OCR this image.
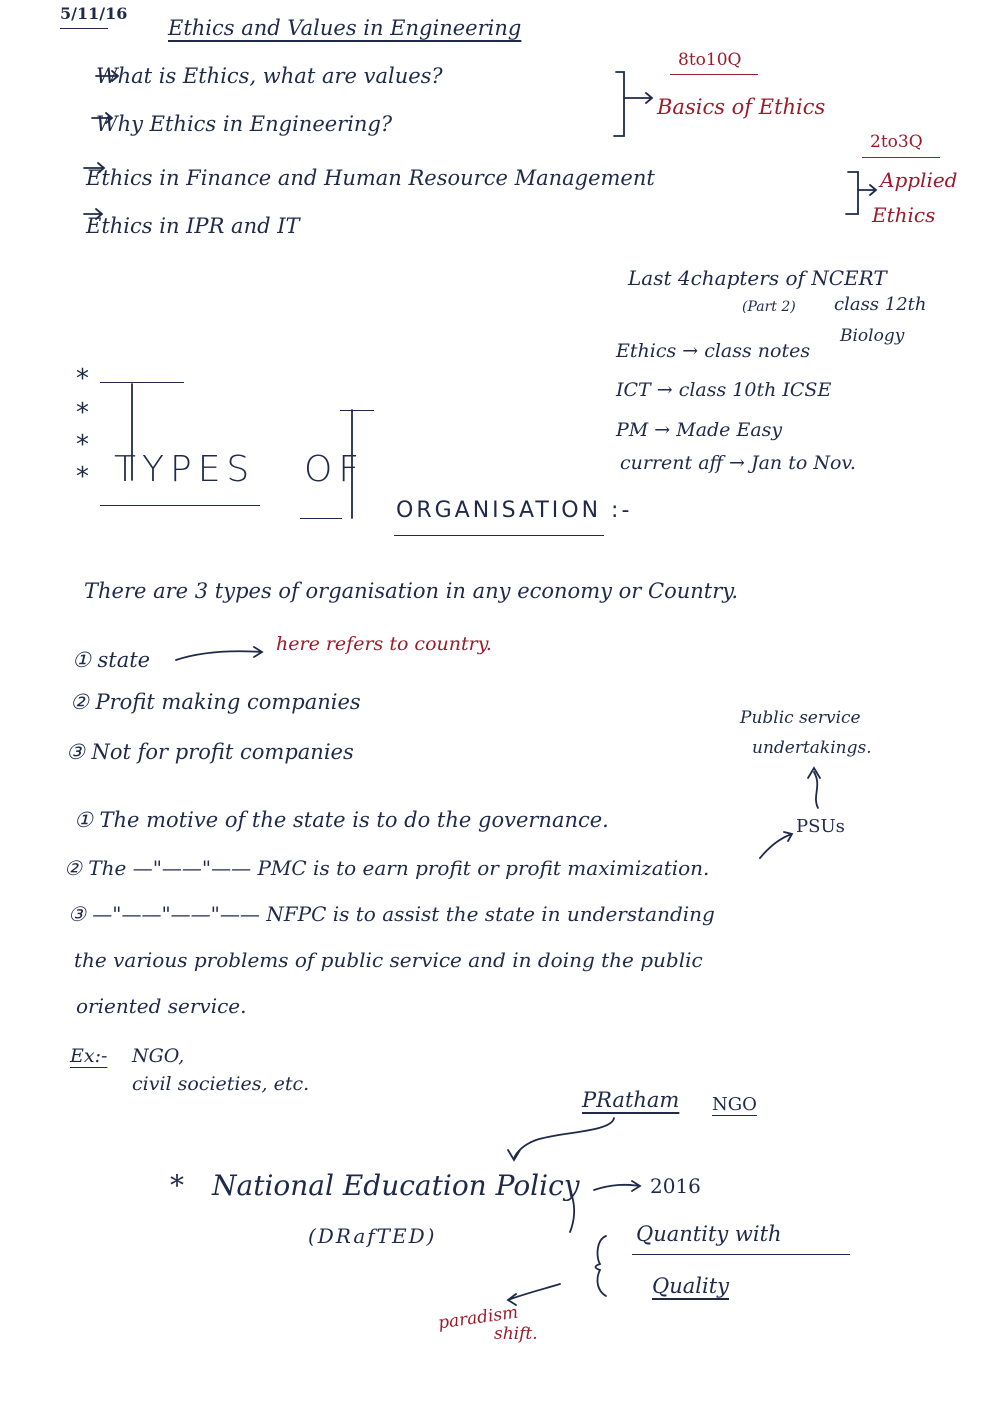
5/11/16
Ethics and Values in Engineering
What is Ethics, what are values?
Why Ethics in Engineering?
Ethics in Finance and Human Resource Management
Ethics in IPR and IT
8to10Q
Basics of Ethics
2to3Q
Applied
Ethics
Last 4chapters of NCERT
(Part 2) class 12th
Biology
Ethics → class notes
ICT → class 10th ICSE
PM → Made Easy
current aff → Jan to Nov.
*
*
*
* TYPES OF
ORGANISATION :-
There are 3 types of organisation in any economy or Country.
① state
here refers to country.
② Profit making companies
③ Not for profit companies
Public service
undertakings.
PSUs
① The motive of the state is to do the governance.
② The —"——"—— PMC is to earn profit or profit maximization.
③ —"——"——"—— NFPC is to assist the state in understanding
the various problems of public service and in doing the public
oriented service.
Ex:- NGO,
civil societies, etc.
PRatham NGO
* National Education Policy	2016
(DRafTED)	Quantity with
Quality
paradism
shift.
